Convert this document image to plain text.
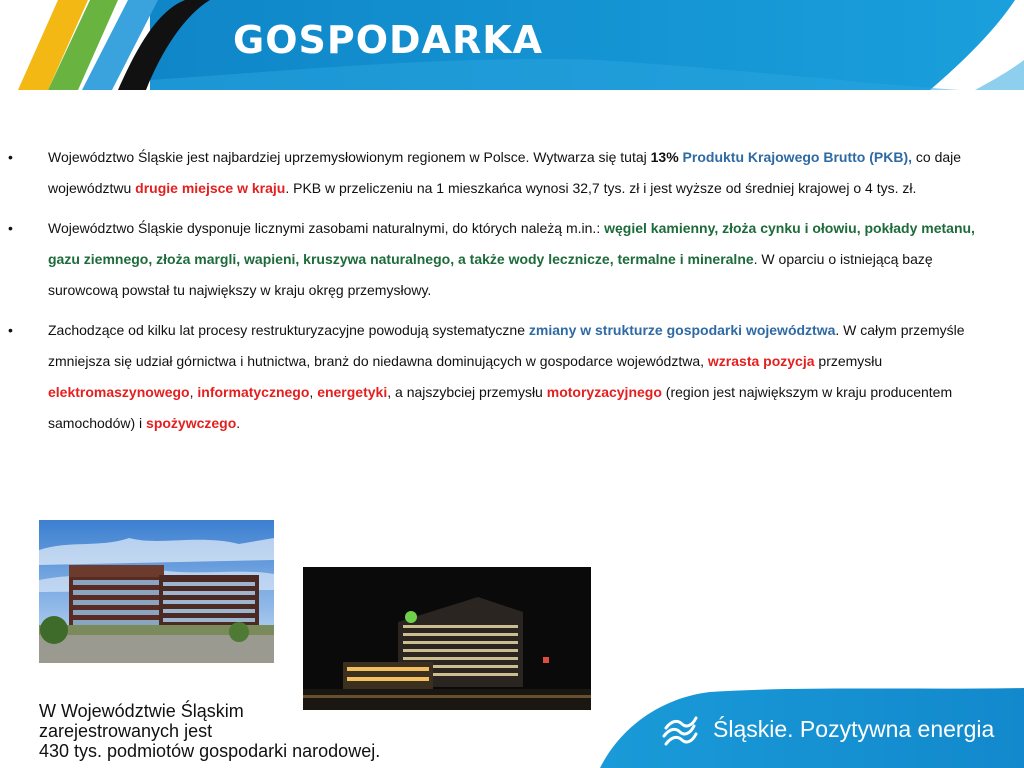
GOSPODARKA
•	Województwo Śląskie jest najbardziej uprzemysłowionym regionem w Polsce. Wytwarza się tutaj 13% Produktu Krajowego Brutto (PKB), co daje województwu drugie miejsce w kraju. PKB w przeliczeniu na 1 mieszkańca wynosi 32,7 tys. zł i jest wyższe od średniej krajowej o 4 tys. zł.
•	Województwo Śląskie dysponuje licznymi zasobami naturalnymi, do których należą m.in.: węgiel kamienny, złoża cynku i ołowiu, pokłady metanu, gazu ziemnego, złoża margli, wapieni, kruszywa naturalnego, a także wody lecznicze, termalne i mineralne. W oparciu o istniejącą bazę surowcową powstał tu największy w kraju okręg przemysłowy.
•	Zachodzące od kilku lat procesy restrukturyzacyjne powodują systematyczne zmiany w strukturze gospodarki województwa. W całym przemyśle zmniejsza się udział górnictwa i hutnictwa, branż do niedawna dominujących w gospodarce województwa, wzrasta pozycja przemysłu elektromaszynowego, informatycznego, energetyki, a najszybciej przemysłu motoryzacyjnego (region jest największym w kraju producentem samochodów) i spożywczego.
W Województwie Śląskim
zarejestrowanych jest
430 tys. podmiotów gospodarki narodowej.
Śląskie. Pozytywna energia
